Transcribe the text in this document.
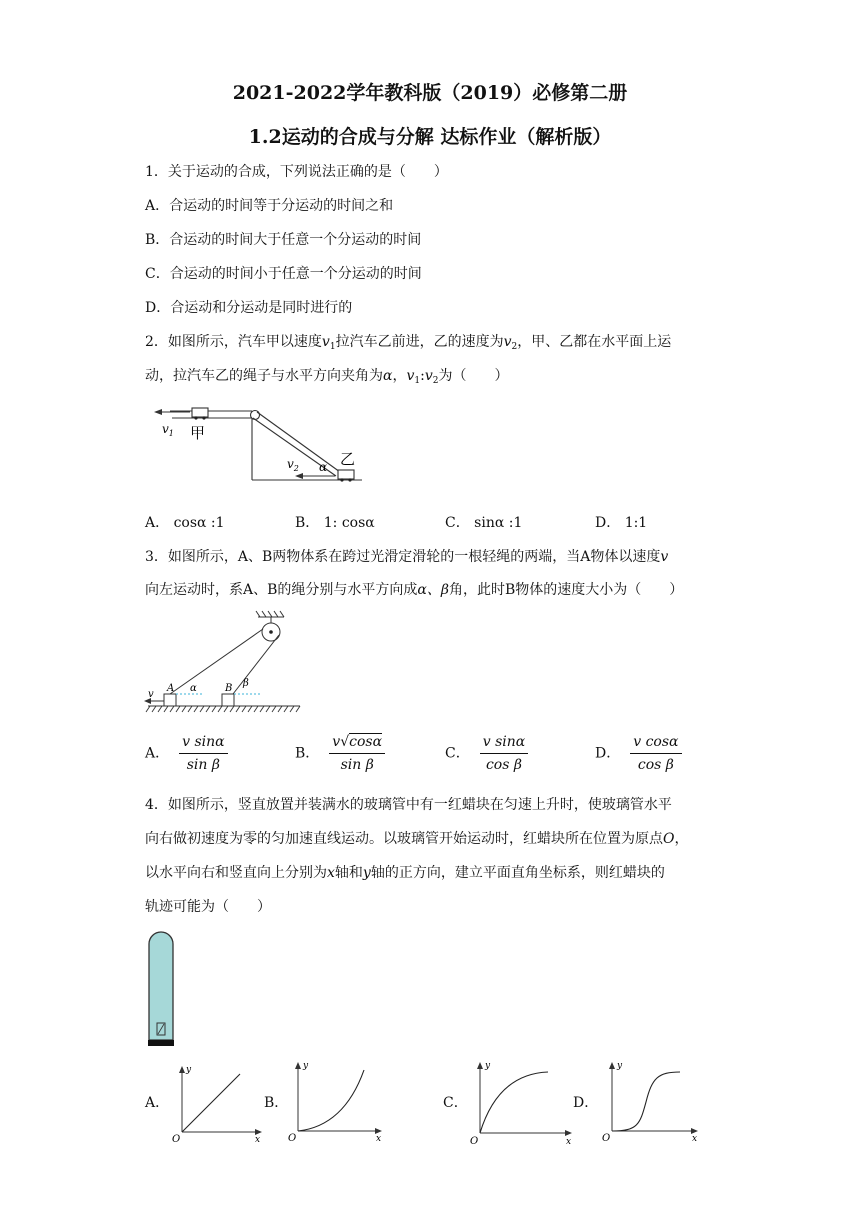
2021-2022学年教科版（2019）必修第二册
1.2运动的合成与分解 达标作业（解析版）
1．关于运动的合成，下列说法正确的是（　　）
A．合运动的时间等于分运动的时间之和
B．合运动的时间大于任意一个分运动的时间
C．合运动的时间小于任意一个分运动的时间
D．合运动和分运动是同时进行的
2．如图所示，汽车甲以速度$v_1$拉汽车乙前进，乙的速度为$v_2$，甲、乙都在水平面上运
动，拉汽车乙的绳子与水平方向夹角为α，$v_1:v_2$为（　　）
$v_1$ 甲
$v_2$ α 乙
A． cosα :1	B． 1: cosα	C． sinα :1	D． 1:1
3．如图所示，A、B两物体系在跨过光滑定滑轮的一根轻绳的两端，当A物体以速度v
向左运动时，系A、B的绳分别与水平方向成α、β角，此时B物体的速度大小为（　　）
v
A α	B β
A． $\frac{\text{v sinα}}{\text{sin β}}$	B． $\frac{v√\cos\alpha}{\text{sin β}}$	C． $\frac{\text{v sinα}}{\text{cos β}}$	D． $\frac{\text{v cosα}}{\text{cos β}}$
4．如图所示，竖直放置并装满水的玻璃管中有一红蜡块在匀速上升时，使玻璃管水平
向右做初速度为零的匀加速直线运动。以玻璃管开始运动时，红蜡块所在位置为原点O，
以水平向右和竖直向上分别为x轴和y轴的正方向，建立平面直角坐标系，则红蜡块的
轨迹可能为（　　）
A．	B．	C．	D．
O	x
y
O	x
y
O	x
y
O	x
y
